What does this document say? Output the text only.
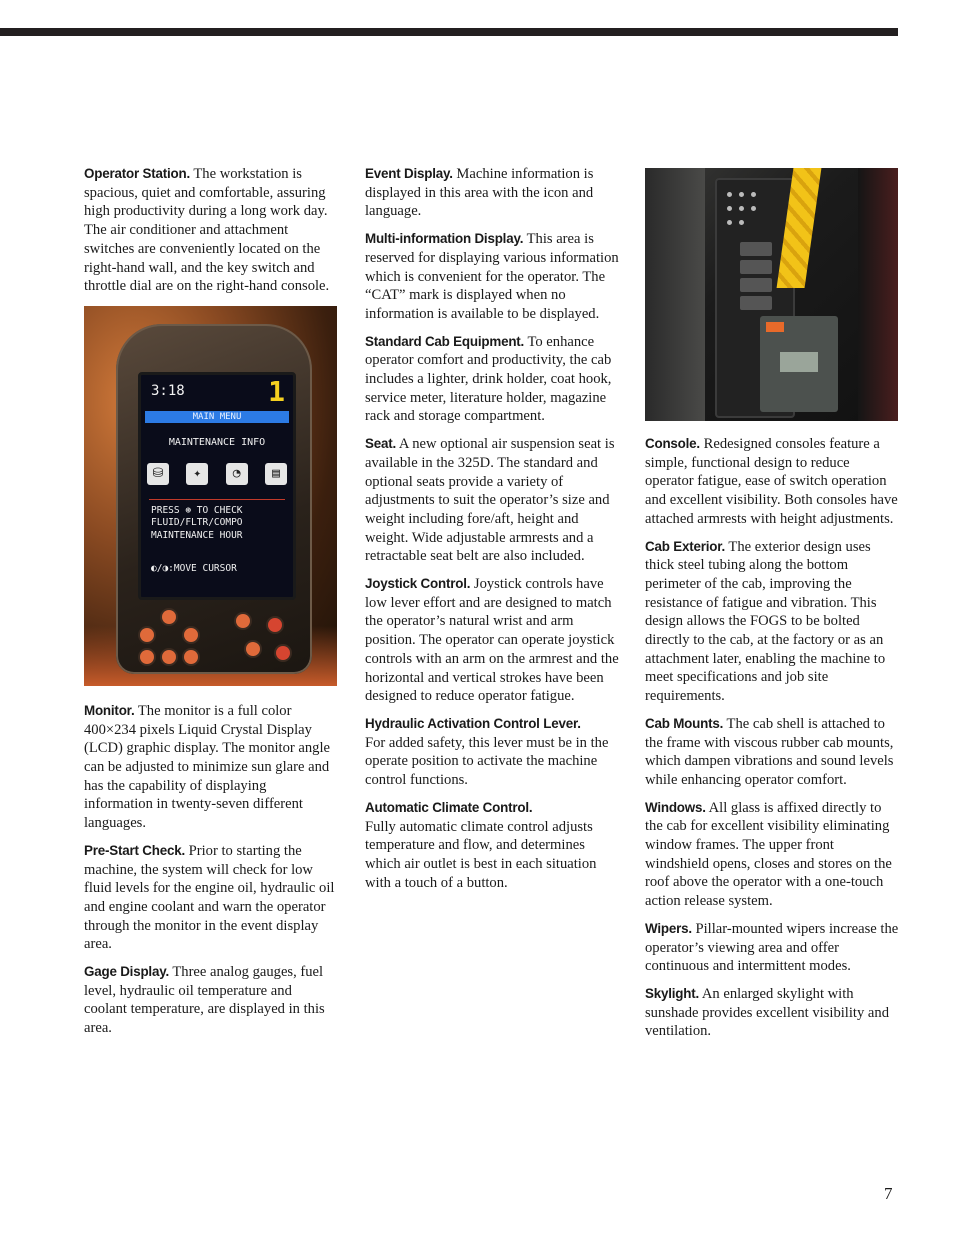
Operator Station. The workstation is spacious, quiet and comfortable, assuring high productivity during a long work day. The air conditioner and attachment switches are conveniently located on the right-hand wall, and the key switch and throttle dial are on the right-hand console.

3:18	1
MAIN MENU
MAINTENANCE INFO
⛁	✦	◔	▤
PRESS ⊛ TO CHECK
FLUID/FLTR/COMPO
MAINTENANCE HOUR
◐/◑:MOVE CURSOR

Monitor. The monitor is a full color 400×234 pixels Liquid Crystal Display (LCD) graphic display. The monitor angle can be adjusted to minimize sun glare and has the capability of displaying information in twenty-seven different languages.

Pre-Start Check. Prior to starting the machine, the system will check for low fluid levels for the engine oil, hydraulic oil and engine coolant and warn the operator through the monitor in the event display area.

Gage Display. Three analog gauges, fuel level, hydraulic oil temperature and coolant temperature, are displayed in this area.

Event Display. Machine information is displayed in this area with the icon and language.

Multi-information Display. This area is reserved for displaying various information which is convenient for the operator. The “CAT” mark is displayed when no information is available to be displayed.

Standard Cab Equipment. To enhance operator comfort and productivity, the cab includes a lighter, drink holder, coat hook, service meter, literature holder, magazine rack and storage compartment.

Seat. A new optional air suspension seat is available in the 325D. The standard and optional seats provide a variety of adjustments to suit the operator’s size and weight including fore/aft, height and weight. Wide adjustable armrests and a retractable seat belt are also included.

Joystick Control. Joystick controls have low lever effort and are designed to match the operator’s natural wrist and arm position. The operator can operate joystick controls with an arm on the armrest and the horizontal and vertical strokes have been designed to reduce operator fatigue.

Hydraulic Activation Control Lever.
For added safety, this lever must be in the operate position to activate the machine control functions.

Automatic Climate Control.
Fully automatic climate control adjusts temperature and flow, and determines which air outlet is best in each situation with a touch of a button.

Console. Redesigned consoles feature a simple, functional design to reduce operator fatigue, ease of switch operation and excellent visibility. Both consoles have attached armrests with height adjustments.

Cab Exterior. The exterior design uses thick steel tubing along the bottom perimeter of the cab, improving the resistance of fatigue and vibration. This design allows the FOGS to be bolted directly to the cab, at the factory or as an attachment later, enabling the machine to meet specifications and job site requirements.

Cab Mounts. The cab shell is attached to the frame with viscous rubber cab mounts, which dampen vibrations and sound levels while enhancing operator comfort.

Windows. All glass is affixed directly to the cab for excellent visibility eliminating window frames. The upper front windshield opens, closes and stores on the roof above the operator with a one-touch action release system.

Wipers. Pillar-mounted wipers increase the operator’s viewing area and offer continuous and intermittent modes.

Skylight. An enlarged skylight with sunshade provides excellent visibility and ventilation.

7
